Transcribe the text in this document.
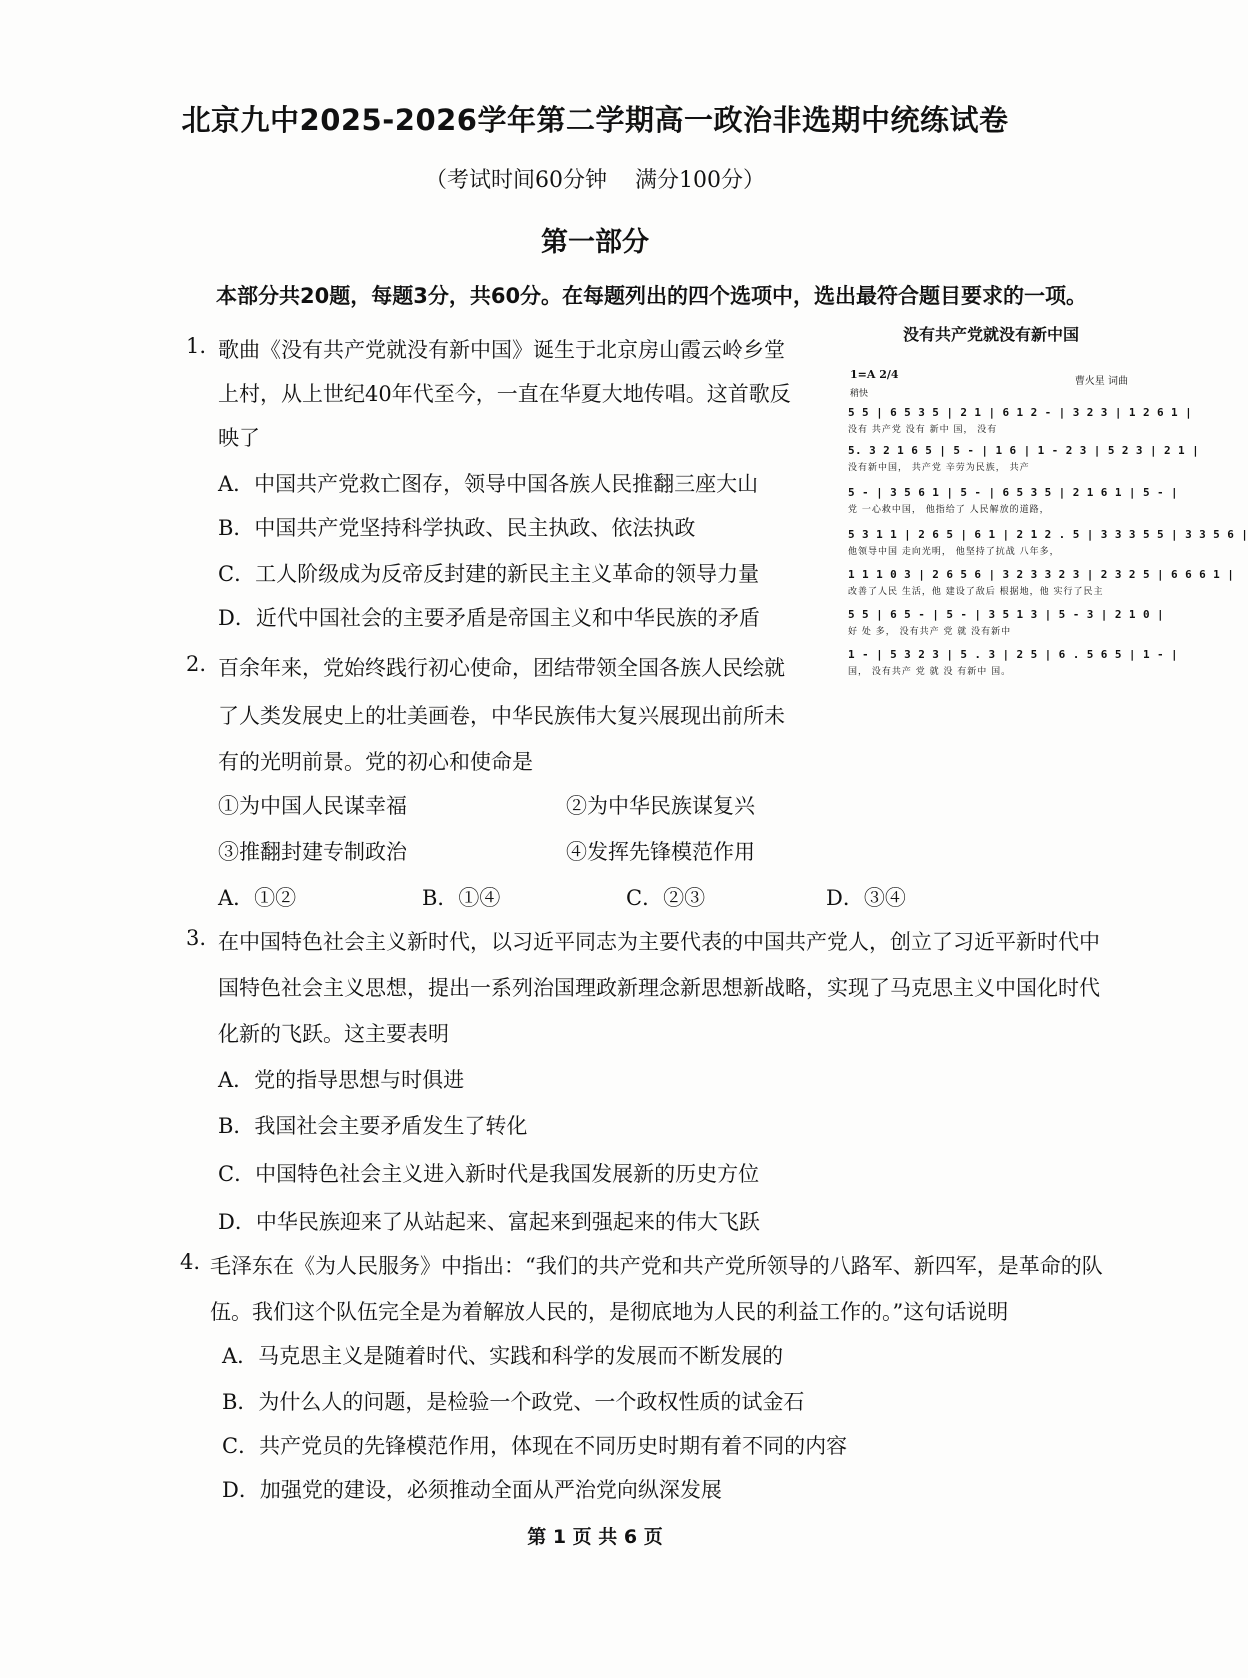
北京九中2025-2026学年第二学期高一政治非选期中统练试卷
（考试时间60分钟 满分100分）
第一部分
本部分共20题，每题3分，共60分。在每题列出的四个选项中，选出最符合题目要求的一项。
1. 歌曲《没有共产党就没有新中国》诞生于北京房山霞云岭乡堂
上村，从上世纪40年代至今，一直在华夏大地传唱。这首歌反
映了
A．中国共产党救亡图存，领导中国各族人民推翻三座大山
B．中国共产党坚持科学执政、民主执政、依法执政
C．工人阶级成为反帝反封建的新民主主义革命的领导力量
D．近代中国社会的主要矛盾是帝国主义和中华民族的矛盾
没有共产党就没有新中国
1=A 2/4
稍快
曹火星 词曲
5 5 | 6 5 3 5 | 2 1 | 6 1 2 - | 3 2 3 | 1 2 6 1 |
没有 共产党 没有 新中 国， 没有
5. 3 2 1 6 5 | 5 - | 1 6 | 1 - 2 3 | 5 2 3 | 2 1 |
没有新中国， 共产党 辛劳为民族， 共产
5 - | 3 5 6 1 | 5 - | 6 5 3 5 | 2 1 6 1 | 5 - |
党 一心救中国， 他指给了 人民解放的道路，
5 3 1 1 | 2 6 5 | 6 1 | 2 1 2 . 5 | 3 3 3 5 5 | 3 3 5 6 |
他领导中国 走向光明， 他坚持了抗战 八年多，
1 1 1 0 3 | 2 6 5 6 | 3 2 3 3 2 3 | 2 3 2 5 | 6 6 6 1 |
改善了人民 生活，他 建设了敌后 根据地，他 实行了民主
5 5 | 6 5 - | 5 - | 3 5 1 3 | 5 - 3 | 2 1 0 |
好 处 多， 没有共产 党 就 没有新中
1 - | 5 3 2 3 | 5 . 3 | 2 5 | 6 . 5 6 5 | 1 - |
国， 没有共产 党 就 没 有新中 国。
2. 百余年来，党始终践行初心使命，团结带领全国各族人民绘就
了人类发展史上的壮美画卷，中华民族伟大复兴展现出前所未
有的光明前景。党的初心和使命是
①为中国人民谋幸福	②为中华民族谋复兴
③推翻封建专制政治	④发挥先锋模范作用
A．①②	B．①④	C．②③	D．③④
3. 在中国特色社会主义新时代，以习近平同志为主要代表的中国共产党人，创立了习近平新时代中
国特色社会主义思想，提出一系列治国理政新理念新思想新战略，实现了马克思主义中国化时代
化新的飞跃。这主要表明
A．党的指导思想与时俱进
B．我国社会主要矛盾发生了转化
C．中国特色社会主义进入新时代是我国发展新的历史方位
D．中华民族迎来了从站起来、富起来到强起来的伟大飞跃
4. 毛泽东在《为人民服务》中指出：“我们的共产党和共产党所领导的八路军、新四军，是革命的队
伍。我们这个队伍完全是为着解放人民的，是彻底地为人民的利益工作的。”这句话说明
A．马克思主义是随着时代、实践和科学的发展而不断发展的
B．为什么人的问题，是检验一个政党、一个政权性质的试金石
C．共产党员的先锋模范作用，体现在不同历史时期有着不同的内容
D．加强党的建设，必须推动全面从严治党向纵深发展
第 1 页 共 6 页
